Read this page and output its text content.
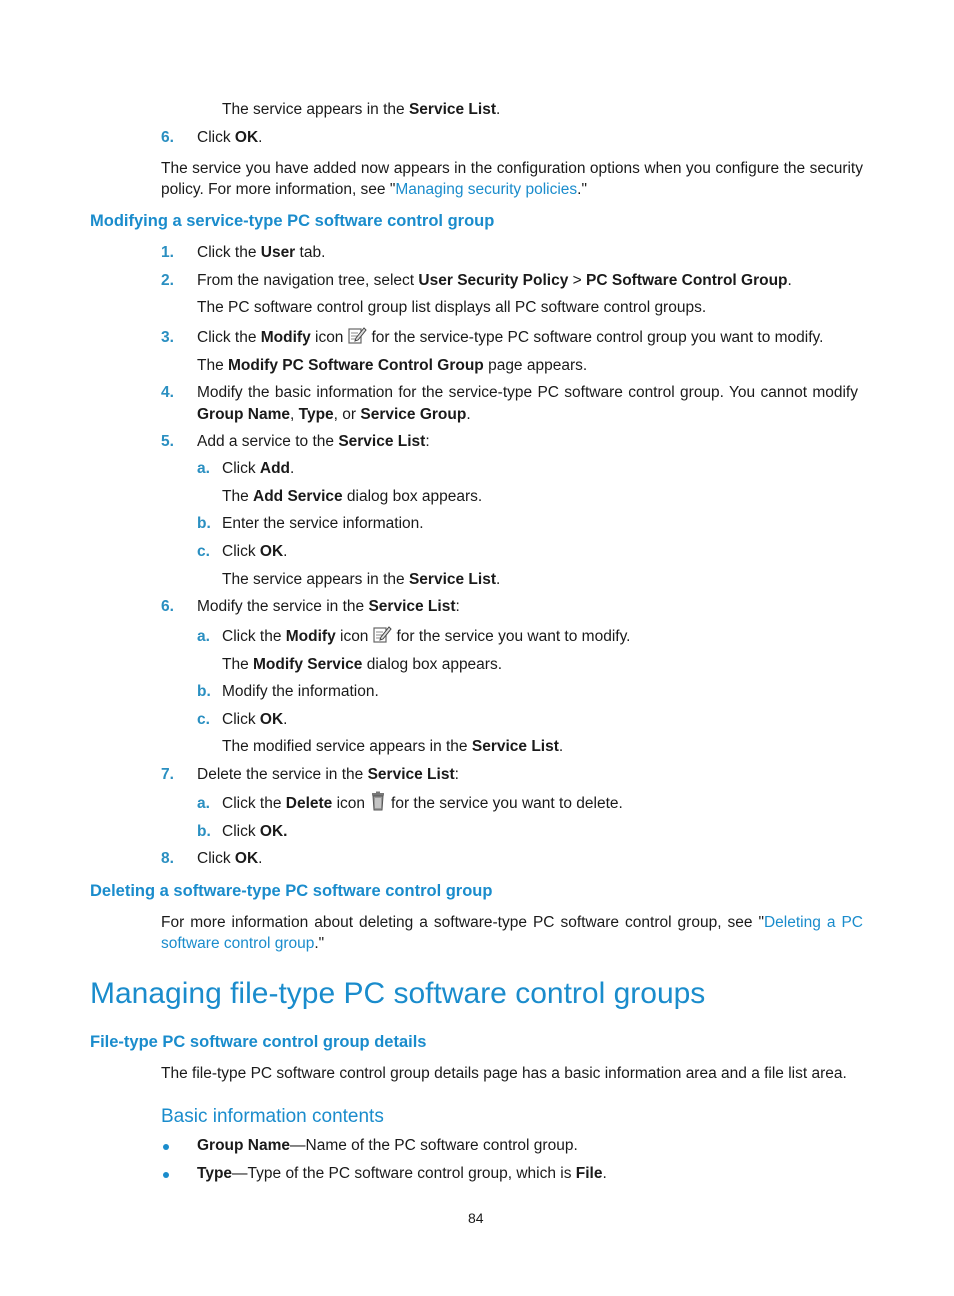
The service appears in the Service List.
6. Click OK.
The service you have added now appears in the configuration options when you configure the security
policy. For more information, see "Managing security policies."
Modifying a service-type PC software control group
1. Click the User tab.
2. From the navigation tree, select User Security Policy > PC Software Control Group.
The PC software control group list displays all PC software control groups.
3. Click the Modify icon for the service-type PC software control group you want to modify.
The Modify PC Software Control Group page appears.
4. Modify the basic information for the service-type PC software control group. You cannot modify
Group Name, Type, or Service Group.
5. Add a service to the Service List:
a. Click Add.
The Add Service dialog box appears.
b. Enter the service information.
c. Click OK.
The service appears in the Service List.
6. Modify the service in the Service List:
a. Click the Modify icon for the service you want to modify.
The Modify Service dialog box appears.
b. Modify the information.
c. Click OK.
The modified service appears in the Service List.
7. Delete the service in the Service List:
a. Click the Delete icon for the service you want to delete.
b. Click OK.
8. Click OK.
Deleting a software-type PC software control group
For more information about deleting a software-type PC software control group, see "Deleting a PC
software control group."
Managing file-type PC software control groups
File-type PC software control group details
The file-type PC software control group details page has a basic information area and a file list area.
Basic information contents
Group Name—Name of the PC software control group.
Type—Type of the PC software control group, which is File.
84
